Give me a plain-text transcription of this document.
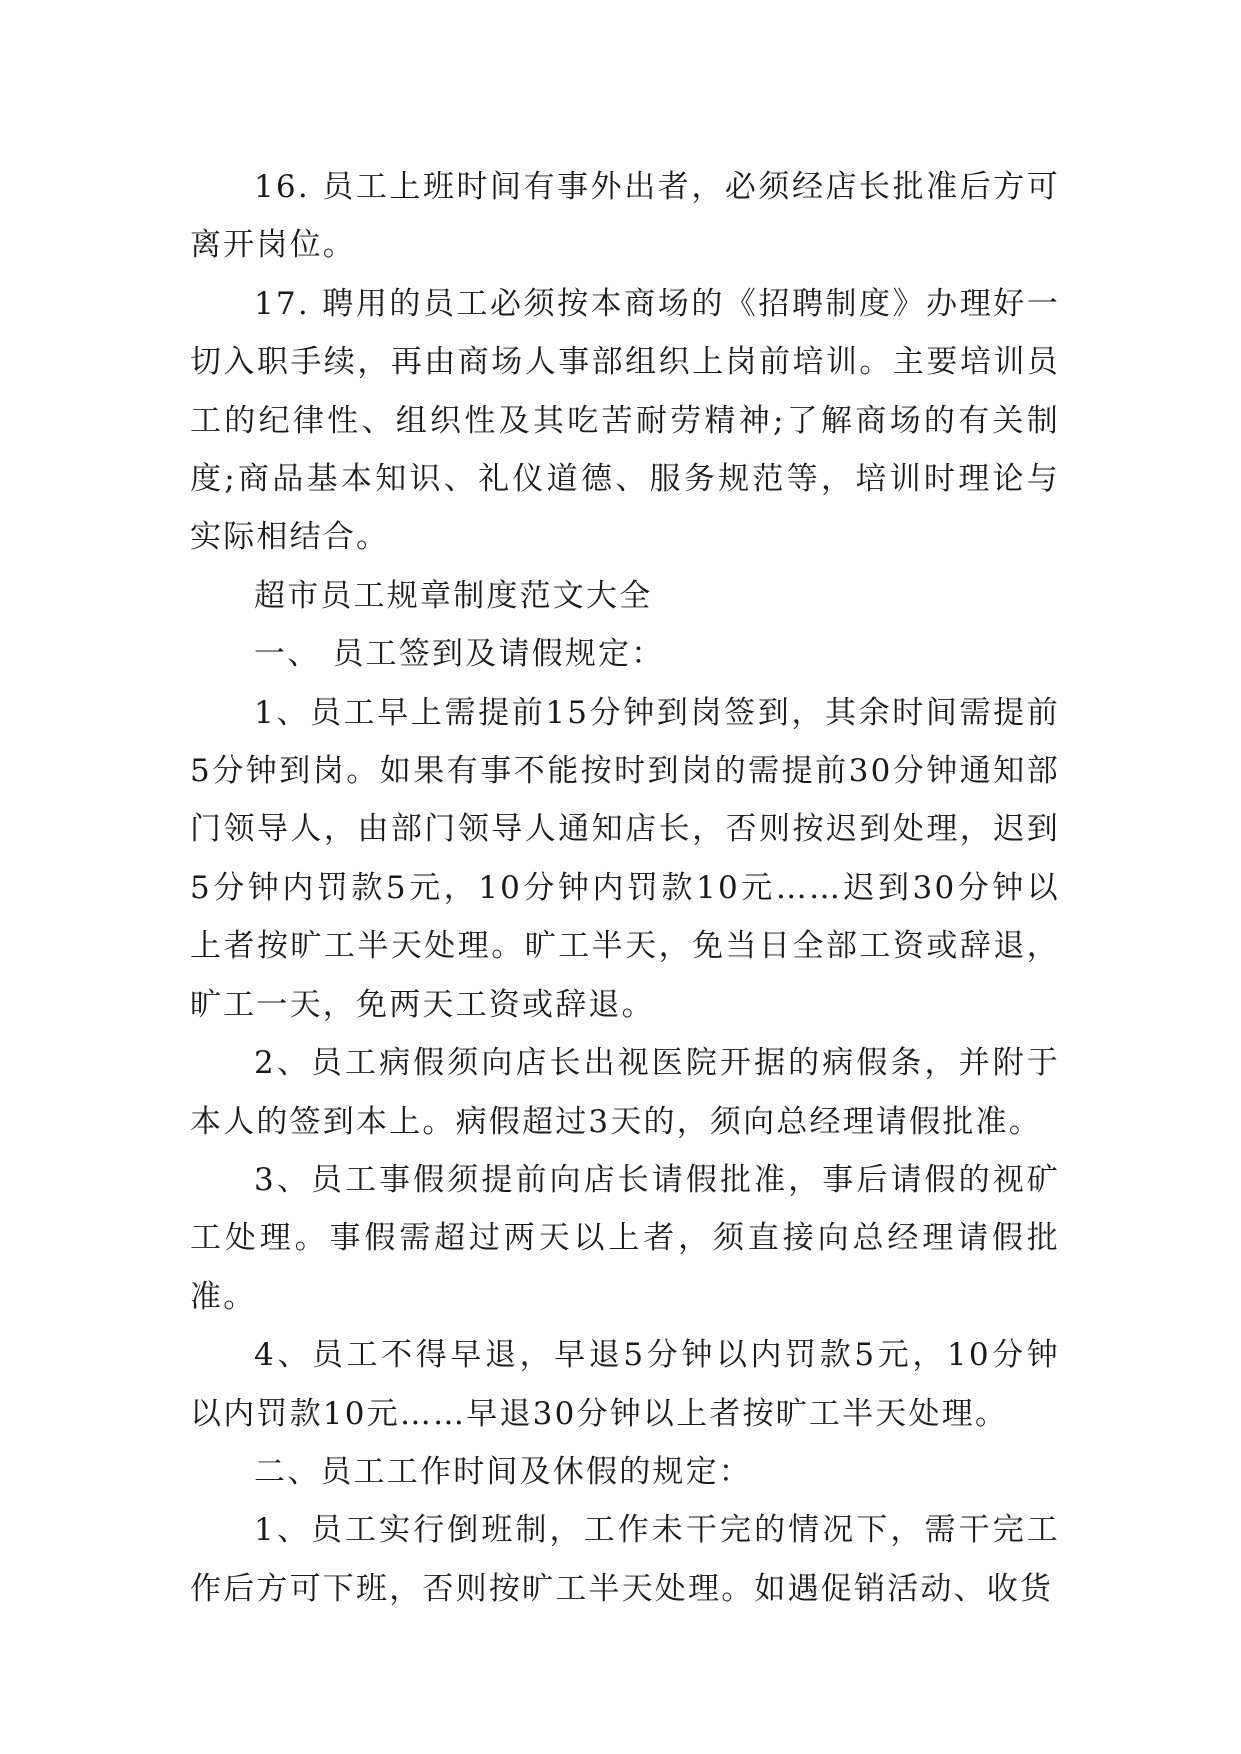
16. 员工上班时间有事外出者，必须经店长批准后方可离开岗位。

17. 聘用的员工必须按本商场的《招聘制度》办理好一切入职手续，再由商场人事部组织上岗前培训。主要培训员工的纪律性、组织性及其吃苦耐劳精神;了解商场的有关制度;商品基本知识、礼仪道德、服务规范等，培训时理论与实际相结合。

超市员工规章制度范文大全

一、 员工签到及请假规定：

1、员工早上需提前15分钟到岗签到，其余时间需提前5分钟到岗。如果有事不能按时到岗的需提前30分钟通知部门领导人，由部门领导人通知店长，否则按迟到处理，迟到5分钟内罚款5元，10分钟内罚款10元……迟到30分钟以上者按旷工半天处理。旷工半天，免当日全部工资或辞退，旷工一天，免两天工资或辞退。

2、员工病假须向店长出视医院开据的病假条，并附于本人的签到本上。病假超过3天的，须向总经理请假批准。

3、员工事假须提前向店长请假批准，事后请假的视矿工处理。事假需超过两天以上者，须直接向总经理请假批准。

4、员工不得早退，早退5分钟以内罚款5元，10分钟以内罚款10元……早退30分钟以上者按旷工半天处理。

二、员工工作时间及休假的规定：

1、员工实行倒班制，工作未干完的情况下，需干完工作后方可下班，否则按旷工半天处理。如遇促销活动、收货
